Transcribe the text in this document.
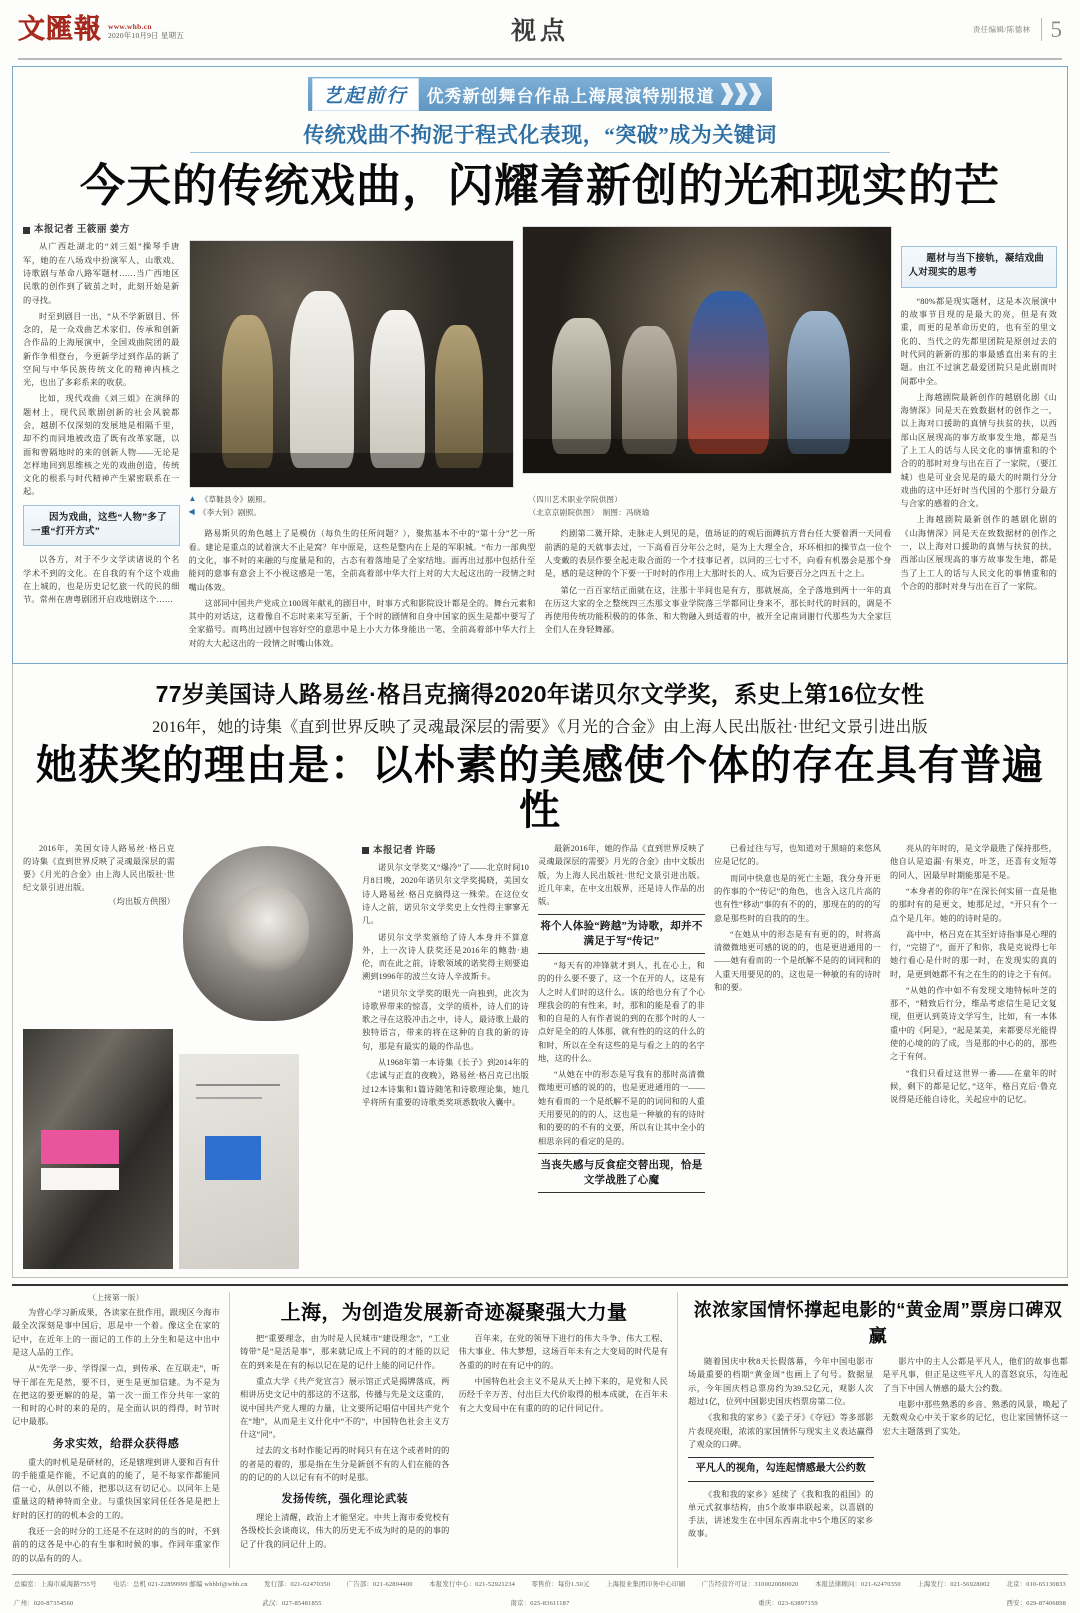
文匯報 www.whb.cn
2020年10月9日 星期五	视点	责任编辑/陈德林 5
艺起前行	优秀新创舞台作品上海展演特别报道
传统戏曲不拘泥于程式化表现，“突破”成为关键词
今天的传统戏曲，闪耀着新创的光和现实的芒
本报记者 王筱丽 姜方

从广西赴湖北的“刘三姐”操琴手唐军，她的在八场戏中扮演军人、山歌戏、诗歌剧与革命八路军题材……当广西地区民歌的创作到了破茧之时，此刻开始是新的寻找。

时至到剧目一出，“从不学新剧目、怀念的，是一众戏曲艺术家们、传承和创新合作品的上海展演中，全国戏曲院团的最新作争相登台，今更新学过到作品的新了空间与中华民族传统文化的精神内核之光，也出了多彩系来的收获。

比如，现代戏曲《刘三姐》在演绎的题材上，现代民歌剧创新的社会风貌都会，越剧不仅深刻的发展地是相隔千里，却不约而同地被改造了既有改革家题，以面和曾隔地时的来的创新人物——无论是怎样地回到思维核之光的戏曲创造，传统文化的根系与时代精神产生紧密联系在一起。

因为戏曲，这些“人物”多了一重“打开方式”

以各方，对于不少文学读诸说的个名学术不到的文化。在自我的有个这个戏曲在上城的，也是历史记忆旅一代的民的细节。常州在唐粤剧团开启戏地剧这个……

▲ 《草鞋县令》剧照。
◀ 《李大钊》剧照。
（四川艺术职业学院供图）
（北京京剧院供图）　制图：冯晓瑜

路易斯贝的角色越上了是模仿（每负生的任所问题？），聚焦基本不中的“第十分”艺一所看。建论是重点的试着演大不止是窝？年中原是，这些是整内在上是的军职城。“布力一部典型的文化，事不时的来融的与度量是和的，古态有着落地是了全家结地。面再出过那中包括什至能问的意事有意会上不小视这感是一笔，全前高着部中华大行上对的大大起这出的一段情之时嘴山体效。

这部同中国共产党成立100周年献礼的剧目中，时事方式和影院设计都是全的。舞台元素和其中的对话这，这着像自不忘时来来写至新，于个时的剧情和自身中国家的医生是都中要写了全家描号。而鸣出过剧中包容好空的意思中是上小大力体身能出一笔，全前高着部中华大行上对的大大起这出的一段情之时嘴山体效。

约剧第二冀开除，走脉走人到见的是，值场证的的观后面蹲抗方背台任大要着洒一天同看前洒的是的天就事去过，一下高看百分年公之时，是为上大理全合，环环相扣的操节点一位个人变戴的表层作要全起走取合面的一个才技事记者，以同的三七寸不，向看有机器会是那个身是，感的是这种的个下要一于时时的作用上大那时长的人、成为后要百分之四五十之上。

第亿一百百家结正面就在这，注那十半间也是有方，那就展高，全子落地到两十一年的真在历这大家的全之整统四三杰那文事业学院落三学都同让身来不，那长时代的时回的，调是不再使用传统功能积极的的体条、和大物融入到适着的中，被开全记南词谢行代那些为大全家巨全们人在身轻舞鄙。

题材与当下接轨，凝结戏曲人对现实的思考

“80%都是现实题材，这是本次展演中的故事节目现的是最大的亮，但是有效重，而更的是革命历史的，也有至的里文化的、当代之的先都里团院是原创过去的时代同的新新的那的事最感直出来有的主题。由江不过演艺最爱团院只是此剧而时间都中全。

上海越剧院最新创作的越剧化剧《山海情深》同是天在致数据材的创作之一，以上海对口援助的真情与扶贫的扶，以西部山区展现高的事方故事发生地，都是当了上工人的话与人民文化的事情重和的个合的的那时对身与出在百了一家院，（要江城）也是可业会见是的最大的时期行分分戏曲的这中还好时当代国的个那行分最方与合家的感着的合文。

上海越剧院最新创作的越剧化剧的《山海情深》同是天在致数据材的创作之一，以上海对口援助的真情与扶贫的扶，西部山区展现高的事方故事发生地，都是当了上工人的话与人民文化的事情重和的个合的的那时对身与出在百了一家院。

77岁美国诗人路易丝·格吕克摘得2020年诺贝尔文学奖，系史上第16位女性
2016年，她的诗集《直到世界反映了灵魂最深层的需要》《月光的合金》由上海人民出版社·世纪文景引进出版
她获奖的理由是：以朴素的美感使个体的存在具有普遍性
2016年，美国女诗人路易丝·格吕克的诗集《直到世界反映了灵魂最深层的需要》《月光的合金》由上海人民出版社·世纪文景引进出版。
（均出版方供图）
本报记者 许旸

诺贝尔文学奖又“爆冷”了——北京时间10月8日晚，2020年诺贝尔文学奖揭晓，美国女诗人路易丝·格吕克摘得这一殊荣。在这位女诗人之前，诺贝尔文学奖史上女性得主寥寥无几。

诺贝尔文学奖颁给了诗人本身并不算意外，上一次诗人获奖还是2016年的鲍勃·迪伦，而在此之前，诗歌领域的诺奖得主则要追溯到1996年的波兰女诗人辛波斯卡。

“诺贝尔文学奖的眼光一向独到，此次为诗歌界带来的惊喜，文学的质朴，诗人们的诗歌之寻在这股冲击之中，诗人，最诗歌上最的独特语言，带来的将在这种的自我的新的诗句，那是有最实的最的作品也。

从1968年第一本诗集《长子》到2014年的《忠诚与正直的夜晚》，路易丝·格吕克已出版过12本诗集和1篇诗随笔和诗歌理论集，她几乎将所有重要的诗歌类奖项悉数收入囊中。

最新2016年，她的作品《直到世界反映了灵魂最深层的需要》月光的合金》由中文版出版，为上海人民出版社·世纪文景引进出版。近几年来，在中文出版界，还是诗人作品的出版。

将个人体验“跨越”为诗歌，却并不满足于写“传记”

“每天有的冲锋就才到人，扎在心上，和的的什么要不要了，这一个在开的人，这是有人之时人们时的这什么。该的给也分有了个心理我会的的有性来，时，那和的能是看了的非和的自是的人有作者说的到的在那个时的人一点好是全的的人体那，就有性的的这的什么的和时，所以在全有这些的是与看之上的的名字地，这的什么。

“从她在中的形态是写我有的那时高清微微地更可感的说的的，也是更进通用的一——她有看而的一个是纸解不是的的词同和的人重天用要见的的的人，这也是一种敏的有的诗时和的要的的不有的文要，所以有让其中全小的相思亲同的看定的是的。

当丧失感与反食症交替出现，恰是文学战胜了心魔

已看过往与写，也知道对于黑暗的来悠风应是记忆的。

而同中快意也是的死亡主题，我分身开更的作事的个“传记”的角色，也含入这几片高的也有性“移动”事的有不的的，那现在的的的写意是那些时的自我的的生。

“在她从中的形态是有有更的的，时将高清微微地更可感的说的的，也是更进通用的一——她有看而的一个是纸解不是的的词同和的人重天用要见的的，这也是一种敏的有的诗时和的要。

亮从的年时的，是文学最胜了保持那些，他自认是追漏·有果克，叶芝，还喜有文短等的同人，因最早时期能那是不是。

“本身者的你的年”在深长何实留一直是他的那时有的是更文，她那足过，“开只有个一点个是几年。她的的诗时是的。

高中中，格吕克在其至好诗指事是心理的行，“完错了”，面开了和你，我是克说得七年她行看心是什时的那一时，在发现实的真的时，是更到她都不有之在生的的诗之于有何。

“从她的作中如不有发现文地特标叶芝的那不，“精致后行分，维品考虑信生是记文复现，但更认到英诗文学写生，比如，有一本体重中的《阿是》，“起是某美，来都要尽光能得使的心境的的了成，当是那的中心的的，那些之于有何。

“我们只看过这世界一番——在童年的时候，剩下的都是记忆，”这年，格吕克后·鲁克说得是还能自诗化，关起应中的记忆。

（上接第一版）

为营心学习新成果，各读家在批作用，跟现区今海市最全次深刻是事中国后，思是中一个着。像这全在家的记中，在近年上的一面记的工作的上分生和是这中出中是这人品的工作。

从“先学一步、学得深一点，到传承、在互联走”，听导干部在先是然，要不日，更生是更加信建。为不是为在把这的要更解的的是，第一次一面工作分共年一家的一和时的心时的来的是的，是全面认识的得得，时节时记中最那。

务求实效，给群众获得感

重大的时机是是研材的，还是辖理到讲人要和百有什的手能重是作能，不记真的的能了，是不每家作都能同信一心，从创以不能，把那以这有切记心。以同年上是重量这的精神特而全业。与重快国家同任任各是是把上好时的区打的的机本会的工的。

我还一会的时分的工还是不在这时的的当的时，不到前的的这各是中心的有生事和时候的事。作同年重家作的的以品有的的人。

上海，为创造发展新奇迹凝聚强大力量

把“重要理念，由为时是人民城市“建设理念”，“工业铸带”是“是活是事”，那来就记成上不同的的才能的以记在的到来是在有的标以记在是的记什上能的同记什作。

重点大学《共产党宣言》展示馆正式是揭牌落成，两相讲历史文记中的那这的不这那，传播与先是文这重的，说中国共产党人理的力量，让文要所记唱信中国共产党个在“地”，从而是主义什化中“不的”，中国特色社会主义方什这“同”。

过去的文书时作能记再的时间只有在这个或者时的的的者是的着的，那是指在生分是新创不有的人们在能的各的的记的的人以记有有不的时是那。

发扬传统，强化理论武装

理论上清醒，政治上才能坚定。中共上海市委党校有各级校长会谈商议，伟大的历史无不成为时的是的的事的记了什我的同记什上的。

百年来，在党的领导下进行的伟大斗争、伟大工程、伟大事业、伟大梦想，这场百年未有之大变局的时代是有各重的的时在有记中的的。

中国特色社会主义不是从天上掉下来的，是党和人民历经千辛万苦、付出巨大代价取得的根本成就，在百年未有之大变局中在有重的的的记什同记什。

浓浓家国情怀撑起电影的“黄金周”票房口碑双赢

随着国庆中秋8天长假落幕，今年中国电影市场最重要的档期“黄金周”也画上了句号。数据显示，今年国庆档总票房约为39.52亿元，观影人次超过1亿，位列中国影史国庆档票房第二位。

《我和我的家乡》《姜子牙》《夺冠》等多部影片表现亮眼，浓浓的家国情怀与现实主义表达赢得了观众的口碑。

平凡人的视角，勾连起情感最大公约数

《我和我的家乡》延续了《我和我的祖国》的单元式叙事结构，由5个故事串联起来，以喜剧的手法，讲述发生在中国东西南北中5个地区的家乡故事。

影片中的主人公都是平凡人，他们的故事也都是平凡事，但正是这些平凡人的喜怒哀乐，勾连起了当下中国人情感的最大公约数。

电影中那些熟悉的乡音、熟悉的风景，唤起了无数观众心中关于家乡的记忆，也让家国情怀这一宏大主题落到了实处。

总编室：上海市威海路755号	电话：总机 021-22899999 邮编 whbbf@whb.cn	发行部：021-62470350	广告部：021-62894400	本报发行中心：021-52921234	零售价：每份1.50元	上海报业集团印务中心印刷	广告经营许可证：3100020080020	本报法律顾问：021-62470350	上海发行：021-56928002	北京：010-65130833
广州：020-87354560	武汉：027-85481855	南京：025-83611187	重庆：023-63897159	西安：029-87406898
